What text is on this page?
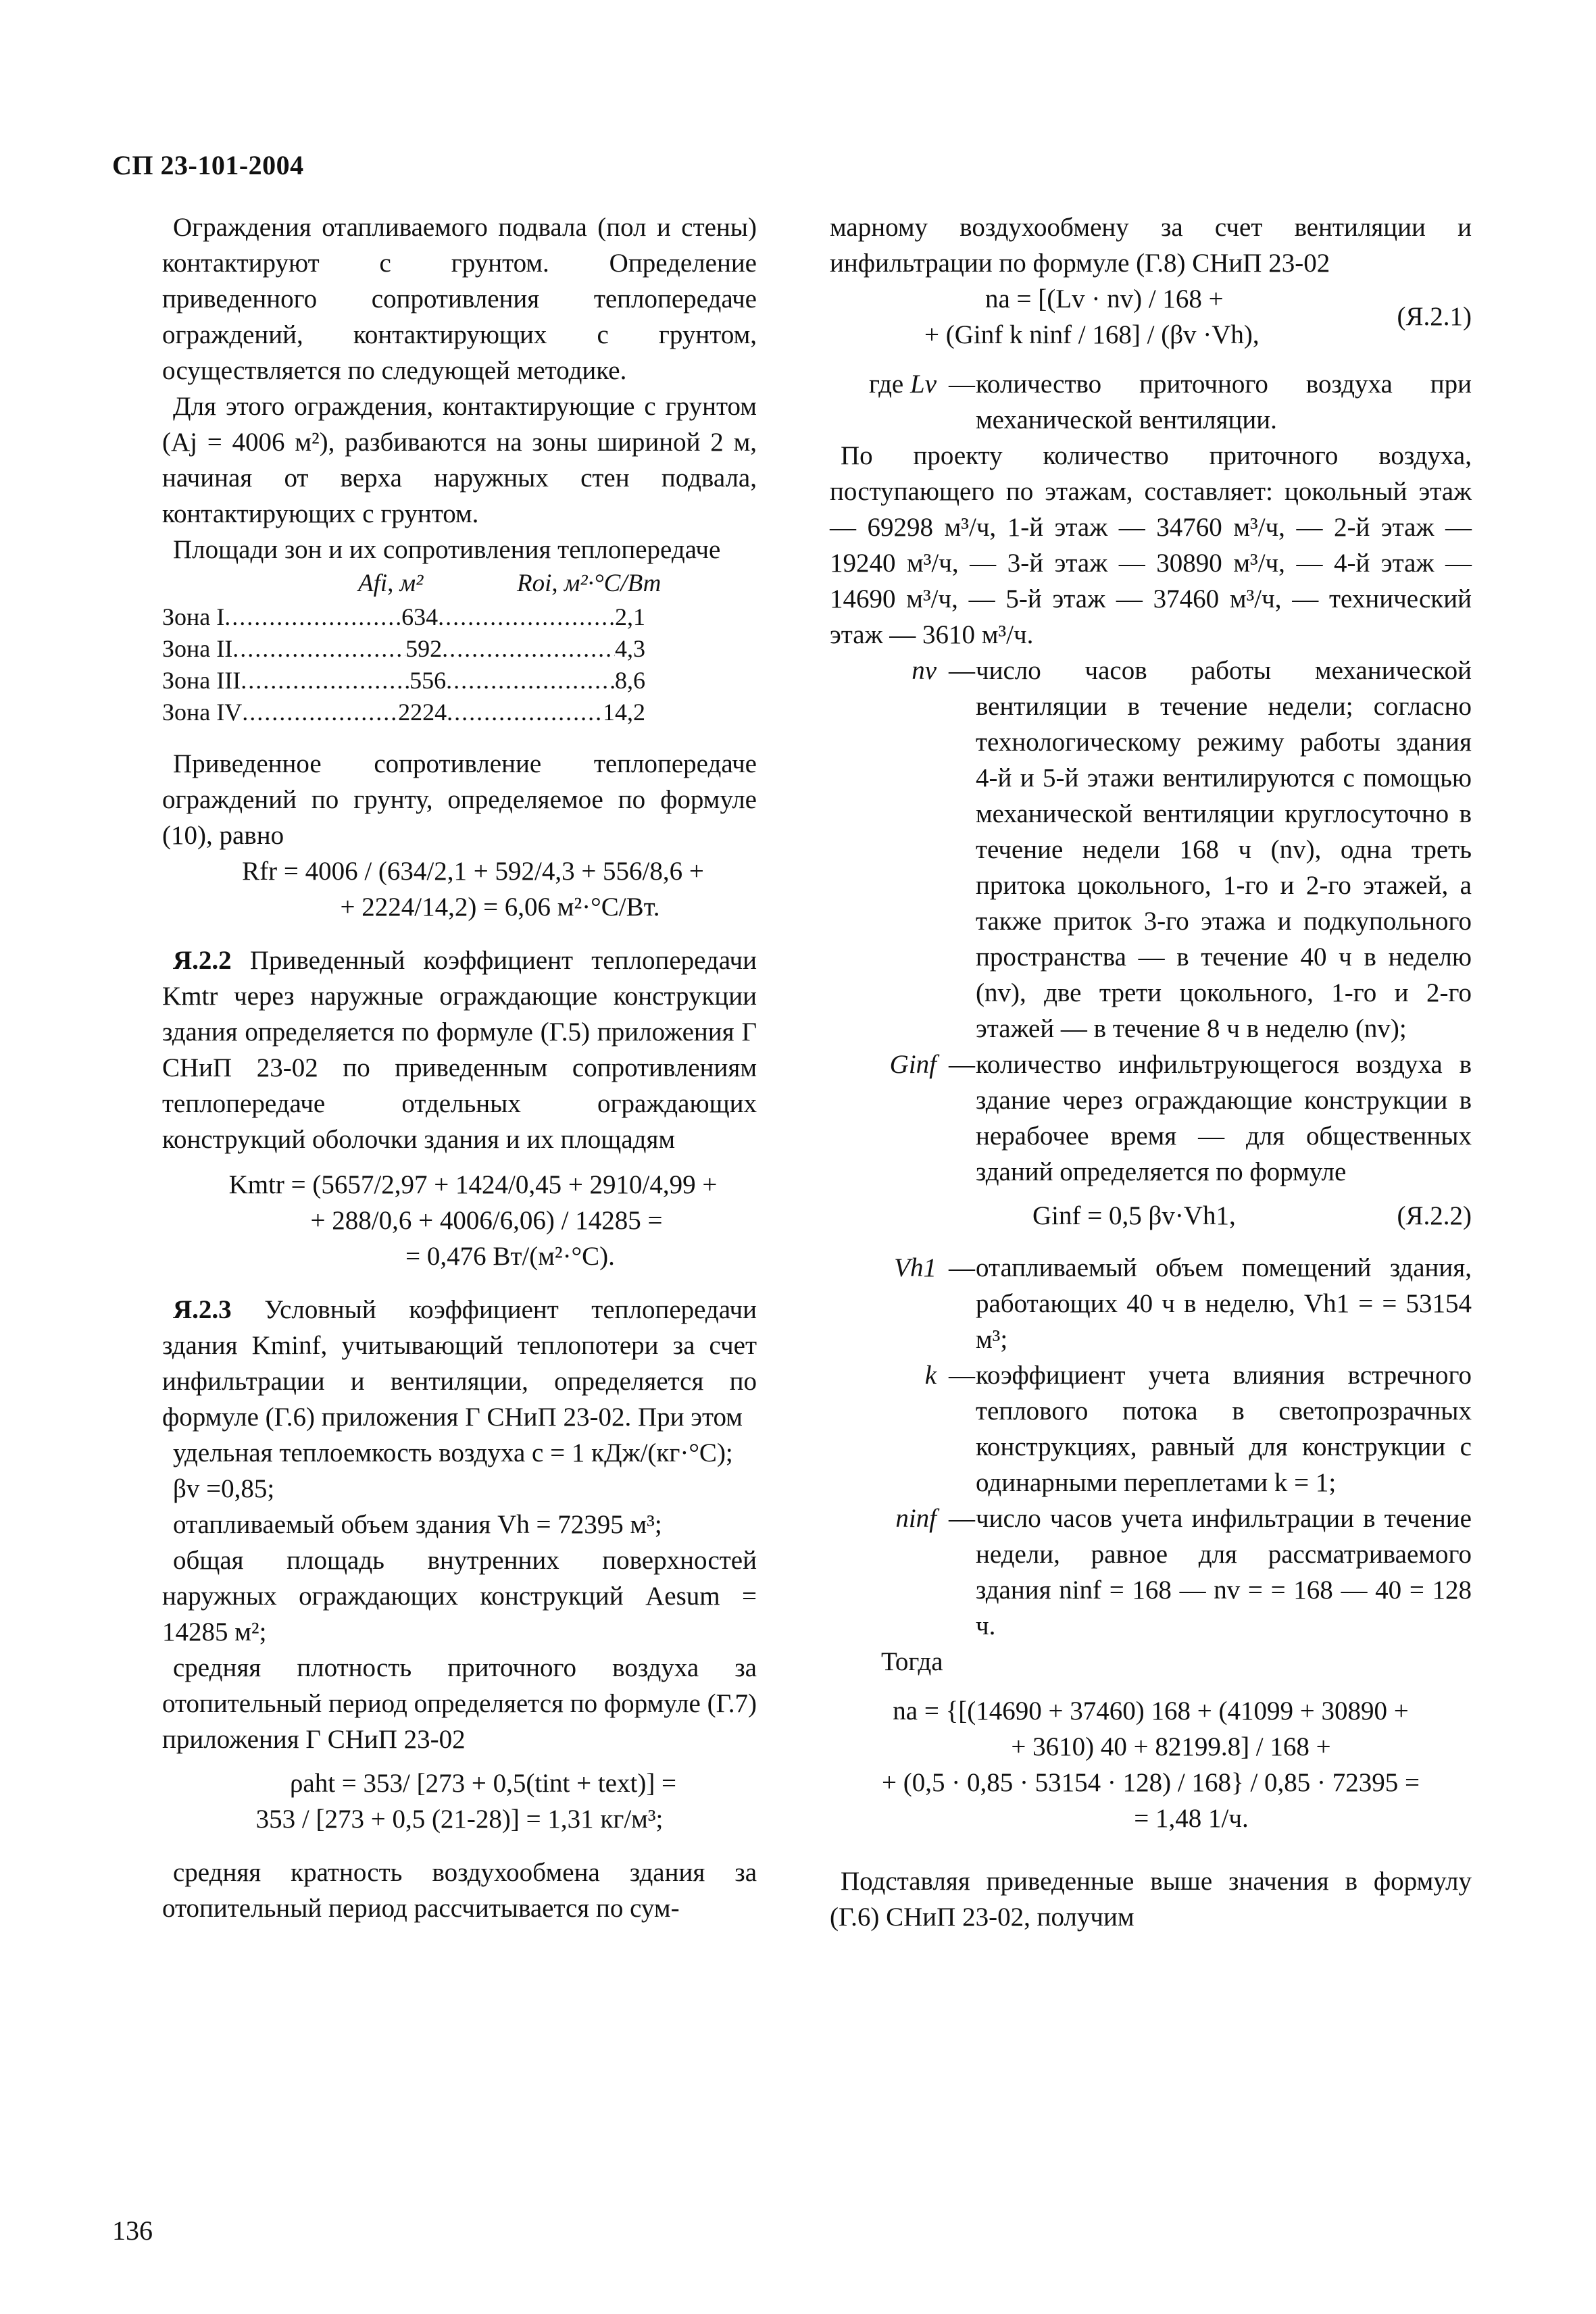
СП 23-101-2004

Ограждения отапливаемого подвала (пол и стены) контактируют с грунтом. Определение приведенного сопротивления теплопередаче ограждений, контактирующих с грунтом, осуществляется по следующей методике.

Для этого ограждения, контактирующие с грунтом (Aj = 4006 м²), разбиваются на зоны шириной 2 м, начиная от верха наружных стен подвала, контактирующих с грунтом.

Площади зон и их сопротивления теплопередаче

Afi, м²	Roi, м²·°С/Вт
Зона I .....	634 .....	2,1
Зона II .....	592 .....	4,3
Зона III .....	556 .....	8,6
Зона IV .....	2224 .....	14,2

Приведенное сопротивление теплопередаче ограждений по грунту, определяемое по формуле (10), равно

Rfr = 4006 / (634/2,1 + 592/4,3 + 556/8,6 +

+ 2224/14,2) = 6,06 м²·°С/Вт.

Я.2.2 Приведенный коэффициент теплопередачи Kmtr через наружные ограждающие конструкции здания определяется по формуле (Г.5) приложения Г СНиП 23-02 по приведенным сопротивлениям теплопередаче отдельных ограждающих конструкций оболочки здания и их площадям

Kmtr = (5657/2,97 + 1424/0,45 + 2910/4,99 +

+ 288/0,6 + 4006/6,06) / 14285 =

= 0,476 Вт/(м²·°С).

Я.2.3 Условный коэффициент теплопередачи здания Kminf, учитывающий теплопотери за счет инфильтрации и вентиляции, определяется по формуле (Г.6) приложения Г СНиП 23-02. При этом

удельная теплоемкость воздуха c = 1 кДж/(кг·°С);

βv =0,85;

отапливаемый объем здания Vh = 72395 м³;

общая площадь внутренних поверхностей наружных ограждающих конструкций Aesum = 14285 м²;

средняя плотность приточного воздуха за отопительный период определяется по формуле (Г.7) приложения Г СНиП 23-02

ρaht = 353/ [273 + 0,5(tint + text)] =

353 / [273 + 0,5 (21-28)] = 1,31 кг/м³;

средняя кратность воздухообмена здания за отопительный период рассчитывается по сум-

марному воздухообмену за счет вентиляции и инфильтрации по формуле (Г.8) СНиП 23-02

na = [(Lv · nv) / 168 +

+ (Ginf k ninf / 168] / (βv ·Vh),

(Я.2.1)
где Lv — количество приточного воздуха при механической вентиляции.

По проекту количество приточного воздуха, поступающего по этажам, составляет: цокольный этаж — 69298 м³/ч, 1-й этаж — 34760 м³/ч, — 2-й этаж — 19240 м³/ч, — 3-й этаж — 30890 м³/ч, — 4-й этаж — 14690 м³/ч, — 5-й этаж — 37460 м³/ч, — технический этаж — 3610 м³/ч.

nv — число часов работы механической вентиляции в течение недели; согласно технологическому режиму работы здания 4-й и 5-й этажи вентилируются с помощью механической вентиляции круглосуточно в течение недели 168 ч (nv), одна треть притока цокольного, 1-го и 2-го этажей, а также приток 3-го этажа и подкупольного пространства — в течение 40 ч в неделю (nv), две трети цокольного, 1-го и 2-го этажей — в течение 8 ч в неделю (nv);
Ginf — количество инфильтрующегося воздуха в здание через ограждающие конструкции в нерабочее время — для общественных зданий определяется по формуле

Ginf = 0,5 βv·Vh1,	(Я.2.2)
Vh1 — отапливаемый объем помещений здания, работающих 40 ч в неделю, Vh1 = = 53154 м³;
k — коэффициент учета влияния встречного теплового потока в светопрозрачных конструкциях, равный для конструкции с одинарными переплетами k = 1;
ninf — число часов учета инфильтрации в течение недели, равное для рассматриваемого здания ninf = 168 — nv = = 168 — 40 = 128 ч.

Тогда

na = {[(14690 + 37460) 168 + (41099 + 30890 +

+ 3610) 40 + 82199.8] / 168 +

+ (0,5 · 0,85 · 53154 · 128) / 168} / 0,85 · 72395 =

= 1,48 1/ч.

Подставляя приведенные выше значения в формулу (Г.6) СНиП 23-02, получим

136
